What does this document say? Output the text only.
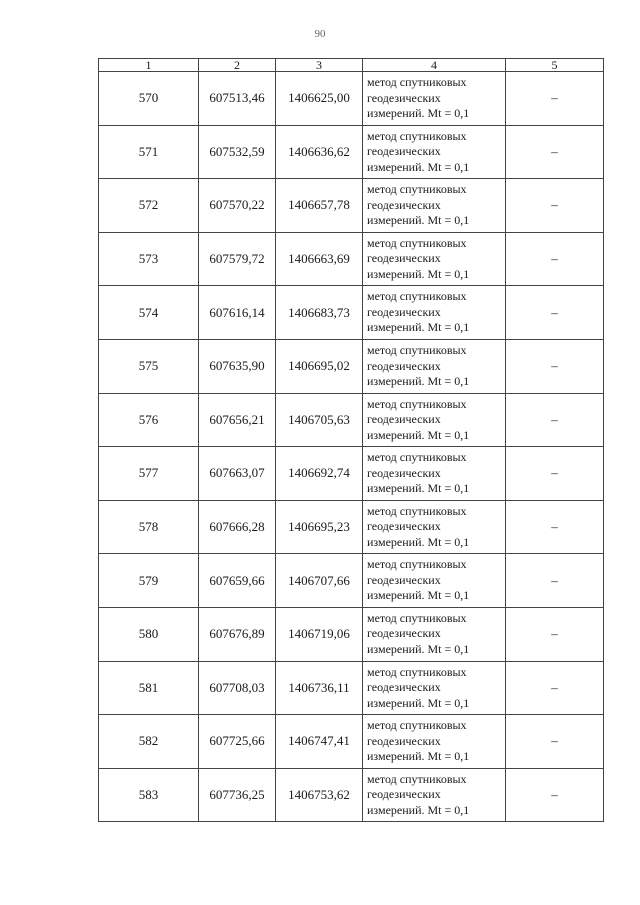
90
1	2	3	4	5
570	607513,46	1406625,00	метод спутниковых
геодезических
измерений. Mt = 0,1	–
571	607532,59	1406636,62	метод спутниковых
геодезических
измерений. Mt = 0,1	–
572	607570,22	1406657,78	метод спутниковых
геодезических
измерений. Mt = 0,1	–
573	607579,72	1406663,69	метод спутниковых
геодезических
измерений. Mt = 0,1	–
574	607616,14	1406683,73	метод спутниковых
геодезических
измерений. Mt = 0,1	–
575	607635,90	1406695,02	метод спутниковых
геодезических
измерений. Mt = 0,1	–
576	607656,21	1406705,63	метод спутниковых
геодезических
измерений. Mt = 0,1	–
577	607663,07	1406692,74	метод спутниковых
геодезических
измерений. Mt = 0,1	–
578	607666,28	1406695,23	метод спутниковых
геодезических
измерений. Mt = 0,1	–
579	607659,66	1406707,66	метод спутниковых
геодезических
измерений. Mt = 0,1	–
580	607676,89	1406719,06	метод спутниковых
геодезических
измерений. Mt = 0,1	–
581	607708,03	1406736,11	метод спутниковых
геодезических
измерений. Mt = 0,1	–
582	607725,66	1406747,41	метод спутниковых
геодезических
измерений. Mt = 0,1	–
583	607736,25	1406753,62	метод спутниковых
геодезических
измерений. Mt = 0,1	–
